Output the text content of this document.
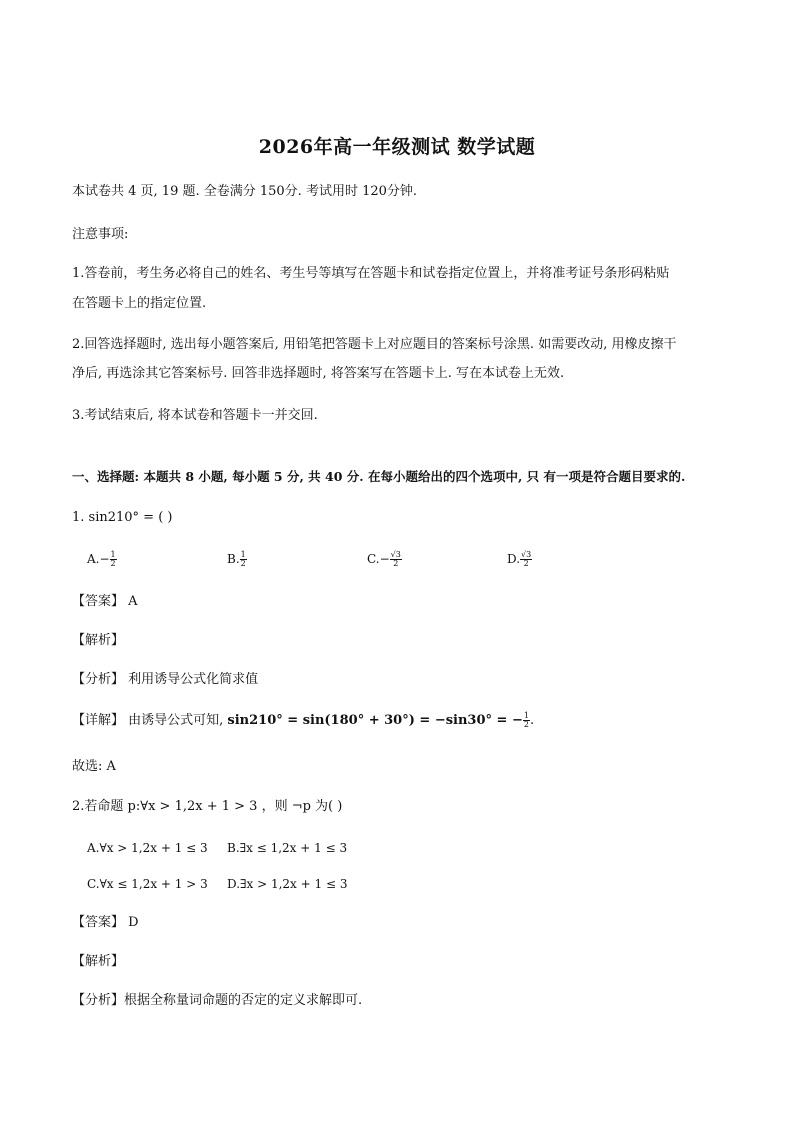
2026年高一年级测试 数学试题
本试卷共 4 页, 19 题. 全卷满分 150分. 考试用时 120分钟.
注意事项:
1.答卷前，考生务必将自己的姓名、考生号等填写在答题卡和试卷指定位置上，并将准考证号条形码粘贴
在答题卡上的指定位置.
2.回答选择题时, 选出每小题答案后, 用铅笔把答题卡上对应题目的答案标号涂黑. 如需要改动, 用橡皮擦干
净后, 再选涂其它答案标号. 回答非选择题时, 将答案写在答题卡上. 写在本试卷上无效.
3.考试结束后, 将本试卷和答题卡一并交回.
一、选择题: 本题共 8 小题, 每小题 5 分, 共 40 分. 在每小题给出的四个选项中, 只 有一项是符合题目要求的.
1. sin210° = ( )
$A.- \frac{1}{2}$	B. $\frac{1}{2}$	$C.- \frac{√3}{2}$	D. $\frac{√3}{2}$
【答案】 A
【解析】
【分析】 利用诱导公式化简求值
【详解】 由诱导公式可知, sin210° = sin(180° + 30°) = −sin30° = − $\frac{1}{2}$ .
故选: A
2.若命题 p:∀x > 1,2x + 1 > 3 ，则 ¬p 为( )
A.∀x > 1,2x + 1 ≤ 3 B.∃x ≤ 1,2x + 1 ≤ 3
C.∀x ≤ 1,2x + 1 > 3 D.∃x > 1,2x + 1 ≤ 3
【答案】 D
【解析】
【分析】根据全称量词命题的否定的定义求解即可.
